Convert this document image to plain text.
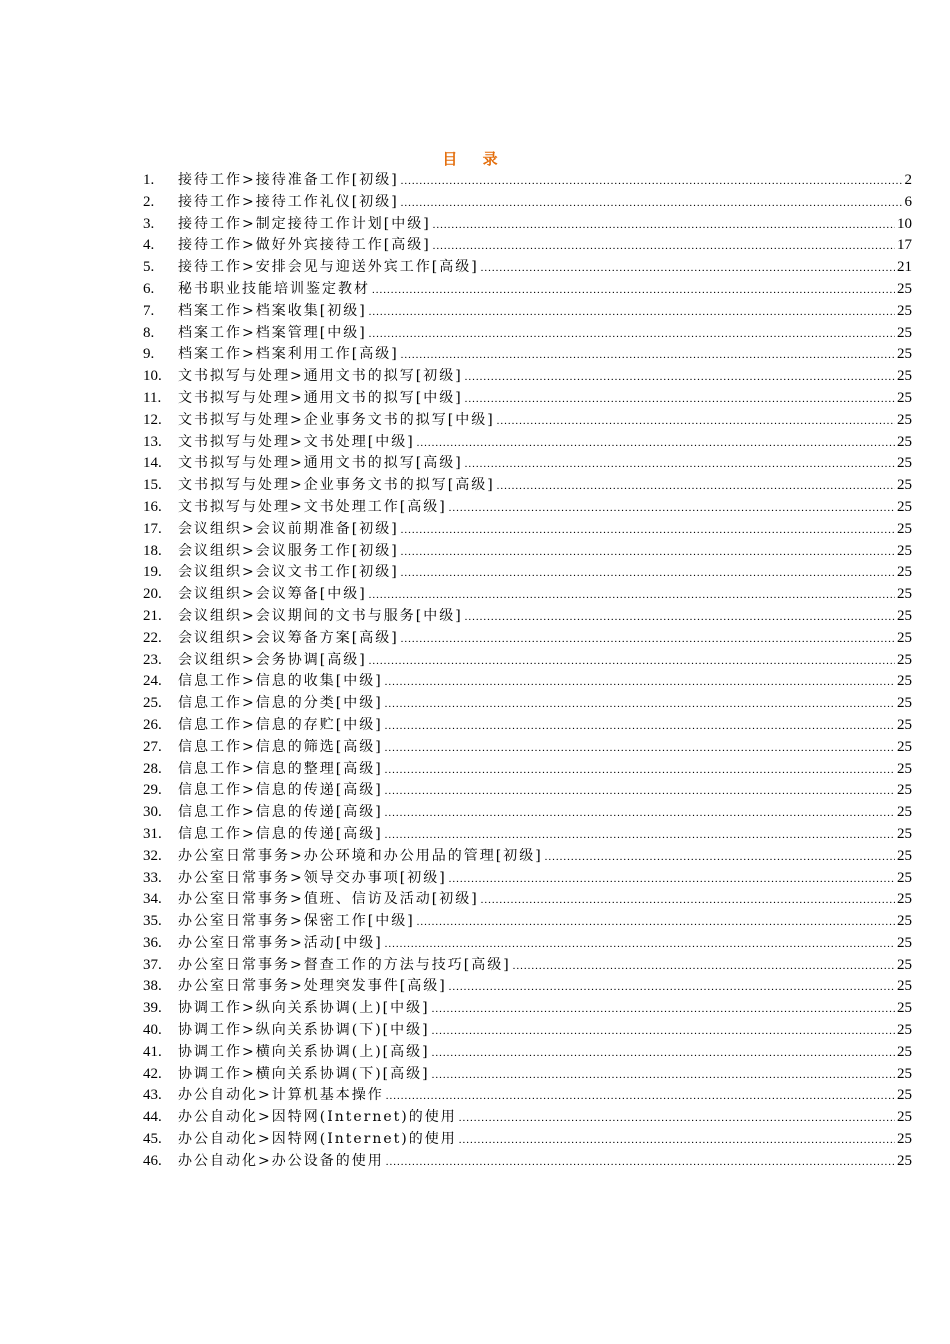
目 录
1.	接待工作>接待准备工作[初级] .....	2
2.	接待工作>接待工作礼仪[初级] .....	6
3.	接待工作>制定接待工作计划[中级] .....	10
4.	接待工作>做好外宾接待工作[高级] .....	17
5.	接待工作>安排会见与迎送外宾工作[高级] .....	21
6.	秘书职业技能培训鉴定教材 .....	25
7.	档案工作>档案收集[初级] .....	25
8.	档案工作>档案管理[中级] .....	25
9.	档案工作>档案利用工作[高级] .....	25
10.	文书拟写与处理>通用文书的拟写[初级] .....	25
11.	文书拟写与处理>通用文书的拟写[中级] .....	25
12.	文书拟写与处理>企业事务文书的拟写[中级] .....	25
13.	文书拟写与处理>文书处理[中级] .....	25
14.	文书拟写与处理>通用文书的拟写[高级] .....	25
15.	文书拟写与处理>企业事务文书的拟写[高级] .....	25
16.	文书拟写与处理>文书处理工作[高级] .....	25
17.	会议组织>会议前期准备[初级] .....	25
18.	会议组织>会议服务工作[初级] .....	25
19.	会议组织>会议文书工作[初级] .....	25
20.	会议组织>会议筹备[中级] .....	25
21.	会议组织>会议期间的文书与服务[中级] .....	25
22.	会议组织>会议筹备方案[高级] .....	25
23.	会议组织>会务协调[高级] .....	25
24.	信息工作>信息的收集[中级] .....	25
25.	信息工作>信息的分类[中级] .....	25
26.	信息工作>信息的存贮[中级] .....	25
27.	信息工作>信息的筛选[高级] .....	25
28.	信息工作>信息的整理[高级] .....	25
29.	信息工作>信息的传递[高级] .....	25
30.	信息工作>信息的传递[高级] .....	25
31.	信息工作>信息的传递[高级] .....	25
32.	办公室日常事务>办公环境和办公用品的管理[初级] .....	25
33.	办公室日常事务>领导交办事项[初级] .....	25
34.	办公室日常事务>值班、信访及活动[初级] .....	25
35.	办公室日常事务>保密工作[中级] .....	25
36.	办公室日常事务>活动[中级] .....	25
37.	办公室日常事务>督查工作的方法与技巧[高级] .....	25
38.	办公室日常事务>处理突发事件[高级] .....	25
39.	协调工作>纵向关系协调(上)[中级] .....	25
40.	协调工作>纵向关系协调(下)[中级] .....	25
41.	协调工作>横向关系协调(上)[高级] .....	25
42.	协调工作>横向关系协调(下)[高级] .....	25
43.	办公自动化>计算机基本操作 .....	25
44.	办公自动化>因特网(Internet)的使用 .....	25
45.	办公自动化>因特网(Internet)的使用 .....	25
46.	办公自动化>办公设备的使用 .....	25
